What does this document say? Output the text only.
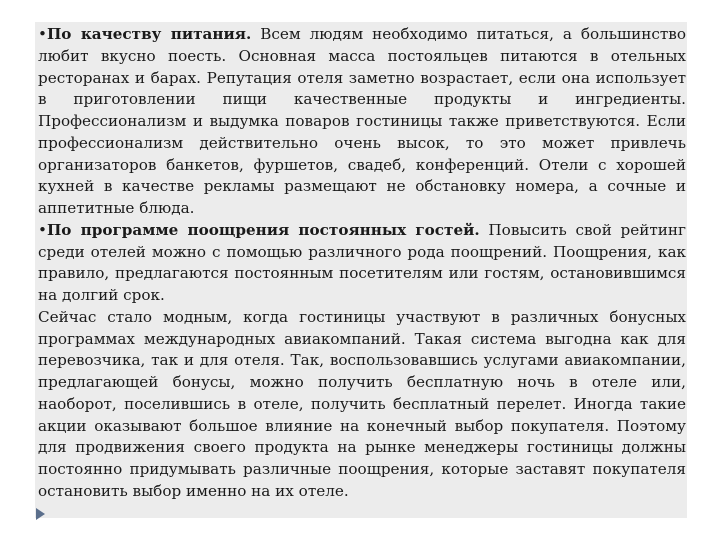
•По качеству питания. Всем людям необходимо питаться, а большинство любит вкусно поесть. Основная масса постояльцев питаются в отельных ресторанах и барах. Репутация отеля заметно возрастает, если она использует в приготовлении пищи качественные продукты и ингредиенты. Профессионализм и выдумка поваров гостиницы также приветствуются. Если профессионализм действительно очень высок, то это может привлечь организаторов банкетов, фуршетов, свадеб, конференций. Отели с хорошей кухней в качестве рекламы размещают не обстановку номера, а сочные и аппетитные блюда.

•По программе поощрения постоянных гостей. Повысить свой рейтинг среди отелей можно с помощью различного рода поощрений. Поощрения, как правило, предлагаются постоянным посетителям или гостям, остановившимся на долгий срок.

Сейчас стало модным, когда гостиницы участвуют в различных бонусных программах международных авиакомпаний. Такая система выгодна как для перевозчика, так и для отеля. Так, воспользовавшись услугами авиакомпании, предлагающей бонусы, можно получить бесплатную ночь в отеле или, наоборот, поселившись в отеле, получить бесплатный перелет. Иногда такие акции оказывают большое влияние на конечный выбор покупателя. Поэтому для продвижения своего продукта на рынке менеджеры гостиницы должны постоянно придумывать различные поощрения, которые заставят покупателя остановить выбор именно на их отеле.
